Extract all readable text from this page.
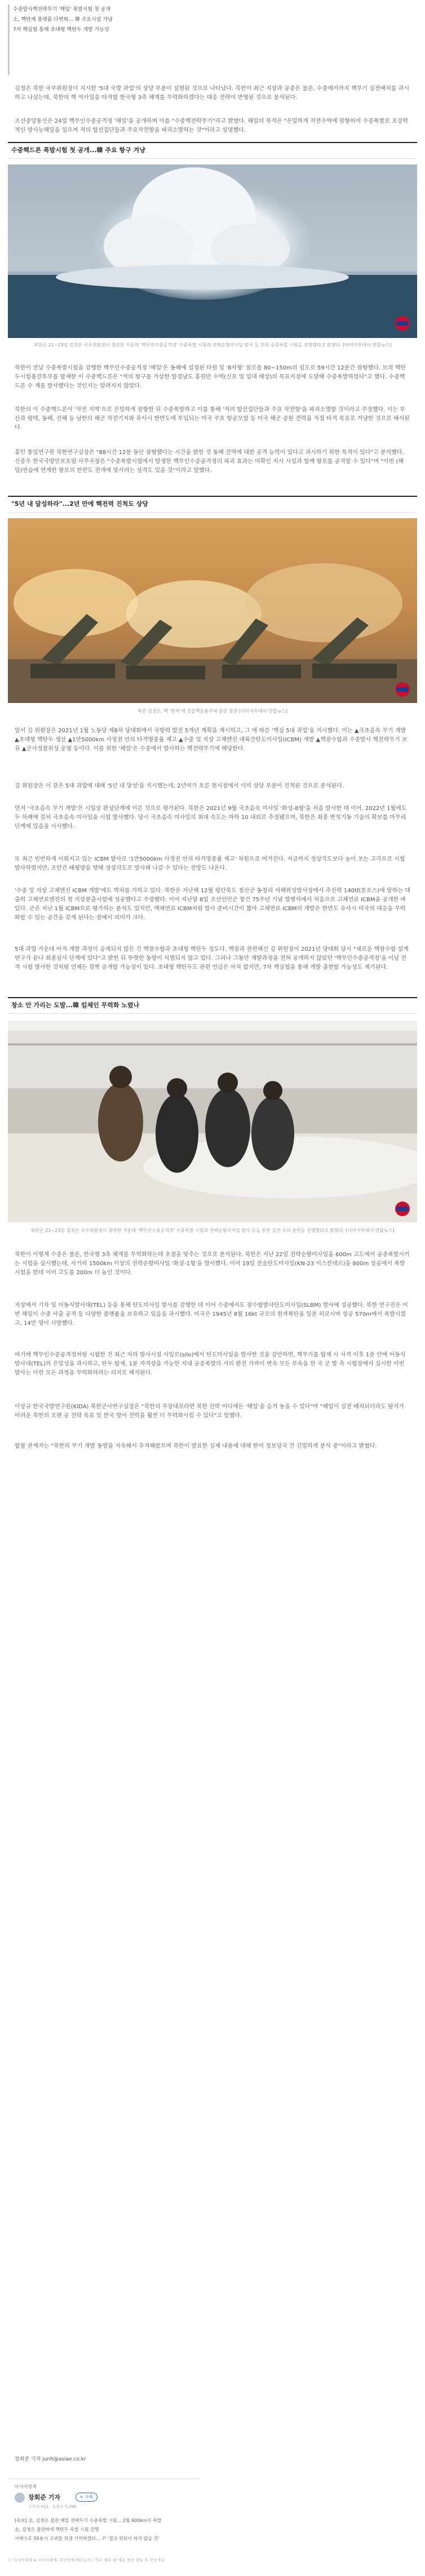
수중발사핵전략무기 '해일' 폭발시험 첫 공개
소, 핵탄재 플랫폼 다변화... 韓 주요시설 겨냥
7차 핵실험 통해 초대형 핵탄두 개발 가능성

김정은 북한 국무위원장이 지시한 '5대 국방 과업'의 상당 부분이 실현된 것으로 나타났다. 북한이 최근 지상과 공중은 물론, 수중에서까지 핵무기 실전배치를 과시하고 나섰는데, 북한의 핵 억사일을 타격할 한국형 3축 체계를 무력화하겠다는 대응 전략이 반영된 것으로 분석된다.

조선중앙통신은 24일 핵무인수중공격정 '해일'을 공개하며 이를 "수중핵전략무기"라고 밝혔다. 해일의 목적은 "은밀하게 작전수역에 잠항하여 수중폭발로 초강력적인 방사능해일을 일으켜 적의 함선집단들과 주요작전항을 파괴소멸하는 것"이라고 설명했다.

수중핵드론 폭발시험 첫 공개...韓 주요 항구 겨냥
북한은 21~23일 김정은 국무위원장이 참관한 가운데 '핵무인수중공격정' 수중폭발 시험과 전략순항미사일 발사 등 모의 공중폭발 시험을 진행했다고 밝혔다. [이미지투데이·연합뉴스]

북한이 전날 수중폭발시험을 감행한 핵무인수중공격정 '해일'은 동해에 설정된 타원 및 '8자형' 침로를 80~150m의 심도로 59시간 12분간 잠항했다. 모의 핵탄두시험용전투부를 탑재한 이 수중핵드론은 "적의 항구를 가상한 함경남도 홍원만 수역(신포 및 일대 해상)의 목표지점에 도달해 수중폭발하였다"고 했다. 수중핵드론 수 개를 발사했다는 것인지는 알려지지 않았다.

북한의 이 수중핵드론이 '작전 지역'으로 은밀하게 잠항한 뒤 수중폭발하고 이를 통해 '적의 함선집단들과 주요 작전항'을 파괴소멸할 것이라고 주장했다. 이는 부산과 평택, 동해, 진해 등 남한의 해군 작전기지와 유사시 한반도에 투입되는 미국 주요 항공모함 등 미국 해군 증원 전력을 직접 타격 목표로 겨냥한 것으로 해석된다.

홍민 통일연구원 북한연구실장은 "88시간 12분 동안 잠항했다는 시간을 밝힌 것 동해 전역에 대한 공격 능력이 있다고 과시하기 위한 목적이 있다"고 분석했다. 신종우 한국국방안보포럼 사무국장은 "수중폭발시험에서 발생한 핵무인수중공격정의 파괴 효과는 미확인 지시 시설과 함께 항포를 공격할 수 있다"며 "이번 (해일)연습에 연계한 항모의 한반도 전개에 맞서려는 성격도 있을 것"이라고 말했다.

"5년 내 달성하라"...2년 만에 핵전력 진척도 상당
북한 김정은, 핵 ‘반격’에 전술핵운용부대 훈련 참관 [이미지투데이·연합뉴스]

앞서 김 위원장은 2021년 1월 노동당 제8차 당대회에서 국방력 발전 5개년 계획을 제시하고, 그 에 따른 '핵심 5대 과업'을 지시했다. 이는 ▲극초음속 무기 개발 ▲초대형 핵탄두 생산 ▲1만5000km 사정권 안의 타격명중률 제고 ▲수중 및 지상 고체엔진 대륙간탄도미사일(ICBM) 개발 ▲핵잠수함과 수중발사 핵전략무기 보유 ▲군사정찰위성 운영 등이다. 이를 위한 '해일'은 수중에서 발사하는 핵전략무기에 해당한다.

김 위원장은 이 같은 5대 과업에 대해 '5년 내 달성'을 지시했는데, 2년여가 흐른 현시점에서 이미 상당 부분이 진척된 것으로 분석된다.

먼저 '극초음속 무기 개발'은 시일상 완성단계에 이른 것으로 평가된다. 북한은 2021년 9월 극초음속 미사일 '화성-8형'을 처음 발사한 데 이어, 2022년 1월에도 두 차례에 걸쳐 극초음속 미사일을 시험 발사했다. 당시 극초음속 미사일의 최대 속도는 마하 10 내외로 추정됐으며, 북한은 최종 변칙기동 기술의 확보를 마무리 단계에 있음을 시사했다.

또 최근 빈번하게 이뤄지고 있는 ICBM 발사로 '1만5000km 사정권 안의 타격명중률 제고' 차원으로 여겨진다. 지금까지 정상각도보다 높이 쏘는 고각으로 시험 발사하였지만, 조만간 태평양을 향해 정상각도로 발사해 나갈 수 있다는 전망도 나온다.

'수중 및 지상 고체엔진 ICBM 개발'에도 박차를 가하고 있다. 북한은 지난해 12월 평안북도 철산군 동창리 서해위성발사장에서 추진력 140tf(톤포스)에 달하는 대출력 고체연료엔진의 첫 지상분출시험에 성공했다고 주장했다. 이어 지난달 8일 조선인민군 창건 75주년 기념 열병식에서 처음으로 고체연료 ICBM을 공개한 바 있다. 군은 지난 1월 ICBM으로 평가하는 분석도 있지만, 액체연료 ICBM처럼 발사 준비시간이 짧아 고체연료 ICBM의 개발은 한반도 유사시 미국의 대응을 무력화할 수 있는 공간을 갖게 된다는 점에서 의미가 크다.

5대 과업 가운데 아직 개발 과정이 공개되지 않은 건 핵잠수함과 초대형 핵탄두 정도다. 핵잠과 관련해선 김 위원장이 2021년 당대회 당시 "새로운 핵잠수함 설계연구가 끝나 최종심사 단계에 있다"고 밝힌 뒤 뚜렷한 동향이 식별되지 않고 있다. 그러나 그동안 개발과정을 전혀 공개하지 않았던 '핵무인수중공격정'을 이날 전격 시험 발사한 것처럼 언제든 깜짝 공개할 가능성이 있다. 초대형 핵탄두도 관련 언급은 아직 없지만, 7차 핵실험을 통해 개발 출현할 가능성도 제기된다.

창소 안 가리는 도발...韓 킬체인 무력화 노렸나
북한은 21~23일 김정은 국무위원장이 참관한 가운데 '핵무인수중공격정' 수중폭발 시험과 전략순항미사일 발사 등을 통한 실전 모의 훈련을 진행했다고 밝혔다. [이미지투데이·연합뉴스]

북한이 이렇게 수중은 물론, 한국형 3축 체계를 무력화하는데 초점을 맞추는 것으로 분석된다. 북한은 지난 22일 전략순항미사일을 600m 고도에서 공중폭발시키는 시험을 실시했는데, 사거리 1500km 이상의 전략순항미사일 '화살-1형'을 발사했다. 이어 19일 전술탄도미사일(KN-23 이스칸데르)을 800m 상공에서 폭발시험을 한데 이어 고도를 200m 더 높인 것이다.

지상에서 기차 및 이동식발사대(TEL) 등을 통해 탄도미사일 발사를 감행한 데 이어 수중에서도 잠수함발사탄도미사일(SLBM) 발사에 성공했다. 북한 연구진은 이번 해일이 수중 사출 공격 등 다양한 플랫폼을 보유하고 있음을 과시했다. 미국은 1945년 8월 16kt 규모의 원자폭탄을 일본 히로시마 상공 570m에서 폭발시켰고, 14만 명이 사망했다.

여기에 핵무인수중공격정처럼 시험한 건 최근 지하 발사시설 사일로(silo)에서 탄도미사일을 발사한 것을 감안하면, 핵무기를 탑재 시 사격 이후 1분 안에 이동식 발사대(TEL)의 은밀성을 과시하고, 탄두 탑재, 1분 자격상을 가능한 지대 공중폭발의 거의 완전 가까이 연속 모든 부속을 한 국 군 발 측 시험장에서 실시한 이번 발사는 이런 모든 과정을 무력화하려는 의지로 해석된다.

이상규 한국국방연구원(KIDA) 북한군사연구실장은 "북한의 주장대로라면 북한 선박 어디에든 '해일'을 숨겨 놓을 수 있다"며 "해일이 실전 배치되더라도 탐지가 어려운 북한의 오랜 공 전략 목표 및 한국 방어 전력을 훨씬 더 무력화시킬 수 있다"고 말했다.

합참 관계자는 "북한의 무기 개발 동향을 지속해서 추적해왔으며 북한이 발표한 실제 내용에 대해 한미 정보당국 간 긴밀하게 분석 중"이라고 밝혔다.

장회준 기자 junh@asiae.co.kr
아시아경제
장회준 기자	+ 구독
구독자 413 · 응원수 5,398
[속보] 北, 김정은 참관 해일 전략무기 수중폭발 시험... 2월 600km서 폭발
北, 김정은 참관하에 핵탄두 폭발 시험 진행
서해수호 55용사 고귀한 희생 기억하겠다... 尹 '결코 헛되이 하지 않을 것'
ⓒ 아시아경제 & 아시아경제, 무단전재 배포금지 / 자료 제공 및 대표 정보 검토 후 전송자료
